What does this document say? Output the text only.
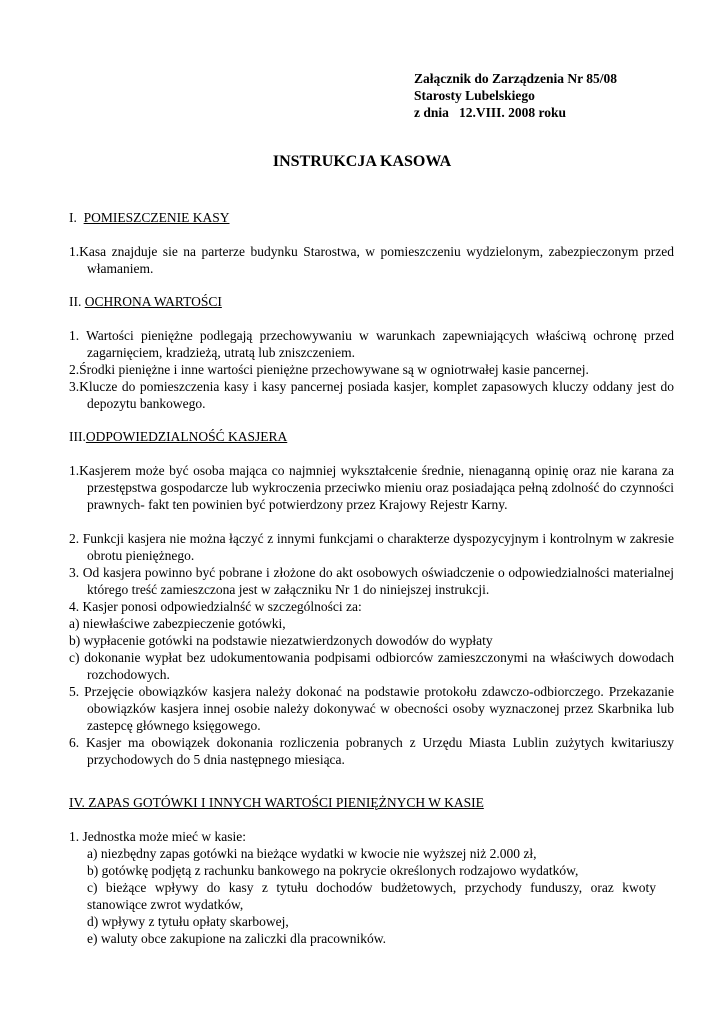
Załącznik do Zarządzenia Nr 85/08
Starosty Lubelskiego
z dnia   12.VIII. 2008 roku
INSTRUKCJA KASOWA
I.  POMIESZCZENIE KASY
1.Kasa znajduje sie na parterze budynku Starostwa, w pomieszczeniu wydzielonym, zabezpieczonym przed włamaniem.
II. OCHRONA WARTOŚCI
1. Wartości pieniężne podlegają przechowywaniu w warunkach zapewniających właściwą ochronę przed zagarnięciem, kradzieżą, utratą lub zniszczeniem.
2.Środki pieniężne i inne wartości pieniężne przechowywane są w ogniotrwałej kasie pancernej.
3.Klucze do pomieszczenia kasy i kasy pancernej posiada kasjer, komplet zapasowych kluczy oddany jest do depozytu bankowego.
III.ODPOWIEDZIALNOŚĆ KASJERA
1.Kasjerem może być osoba mająca co najmniej wykształcenie średnie, nienaganną opinię oraz nie karana za przestępstwa gospodarcze lub wykroczenia przeciwko mieniu oraz posiadająca pełną zdolność do czynności prawnych- fakt ten powinien być potwierdzony przez Krajowy Rejestr Karny.
2. Funkcji kasjera nie można łączyć z innymi funkcjami o charakterze dyspozycyjnym i kontrolnym w zakresie obrotu pieniężnego.
3. Od kasjera powinno być pobrane i złożone do akt osobowych oświadczenie o odpowiedzialności materialnej którego treść zamieszczona jest w załączniku Nr 1 do niniejszej instrukcji.
4. Kasjer ponosi odpowiedzialnść w szczególności za:
a) niewłaściwe zabezpieczenie gotówki,
b) wypłacenie gotówki na podstawie niezatwierdzonych dowodów do wypłaty
c) dokonanie wypłat bez udokumentowania podpisami odbiorców zamieszczonymi na właściwych dowodach rozchodowych.
5. Przejęcie obowiązków kasjera należy dokonać na podstawie protokołu zdawczo-odbiorczego. Przekazanie obowiązków kasjera innej osobie należy dokonywać w obecności osoby wyznaczonej przez Skarbnika lub zastepcę głównego księgowego.
6. Kasjer ma obowiązek dokonania rozliczenia pobranych z Urzędu Miasta Lublin zużytych kwitariuszy przychodowych do 5 dnia następnego miesiąca.
IV. ZAPAS GOTÓWKI I INNYCH WARTOŚCI PIENIĘŻNYCH W KASIE
1. Jednostka może mieć w kasie:
a) niezbędny zapas gotówki na bieżące wydatki w kwocie nie wyższej niż 2.000 zł,
b) gotówkę podjętą z rachunku bankowego na pokrycie określonych rodzajowo wydatków,
c) bieżące wpływy do kasy z tytułu dochodów budżetowych, przychody funduszy, oraz kwoty stanowiące zwrot wydatków,
d) wpływy z tytułu opłaty skarbowej,
e) waluty obce zakupione na zaliczki dla pracowników.
